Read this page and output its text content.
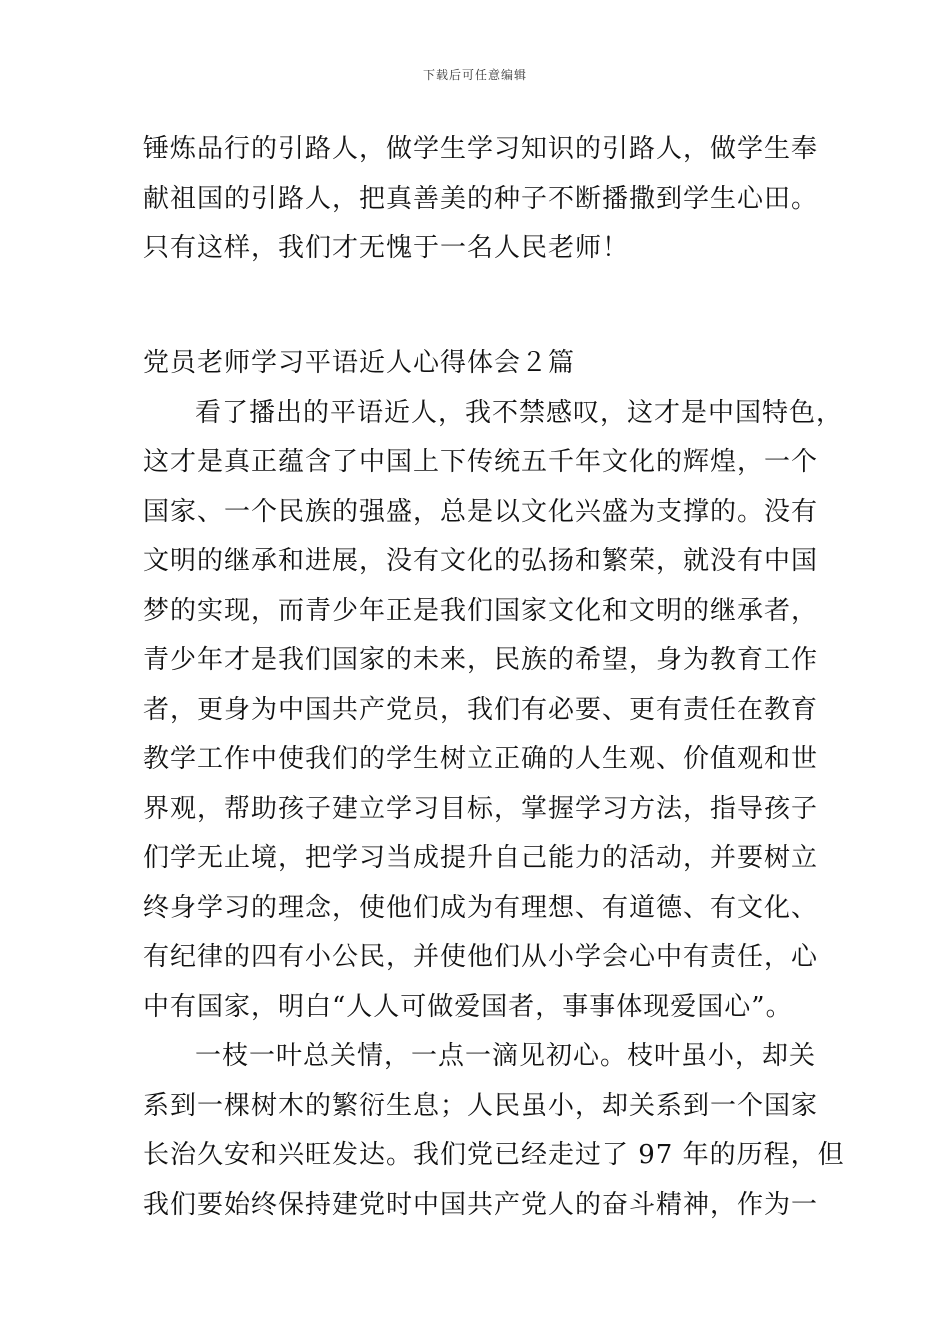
下载后可任意编辑
锤炼品行的引路人，做学生学习知识的引路人，做学生奉
献祖国的引路人，把真善美的种子不断播撒到学生心田。
只有这样，我们才无愧于一名人民老师！
党员老师学习平语近人心得体会２篇
看了播出的平语近人，我不禁感叹，这才是中国特色，
这才是真正蕴含了中国上下传统五千年文化的辉煌，一个
国家、一个民族的强盛，总是以文化兴盛为支撑的。没有
文明的继承和进展，没有文化的弘扬和繁荣，就没有中国
梦的实现，而青少年正是我们国家文化和文明的继承者，
青少年才是我们国家的未来，民族的希望，身为教育工作
者，更身为中国共产党员，我们有必要、更有责任在教育
教学工作中使我们的学生树立正确的人生观、价值观和世
界观，帮助孩子建立学习目标，掌握学习方法，指导孩子
们学无止境，把学习当成提升自己能力的活动，并要树立
终身学习的理念，使他们成为有理想、有道德、有文化、
有纪律的四有小公民，并使他们从小学会心中有责任，心
中有国家，明白“人人可做爱国者，事事体现爱国心”。
一枝一叶总关情，一点一滴见初心。枝叶虽小，却关
系到一棵树木的繁衍生息；人民虽小，却关系到一个国家
长治久安和兴旺发达。我们党已经走过了 97 年的历程，但
我们要始终保持建党时中国共产党人的奋斗精神，作为一
